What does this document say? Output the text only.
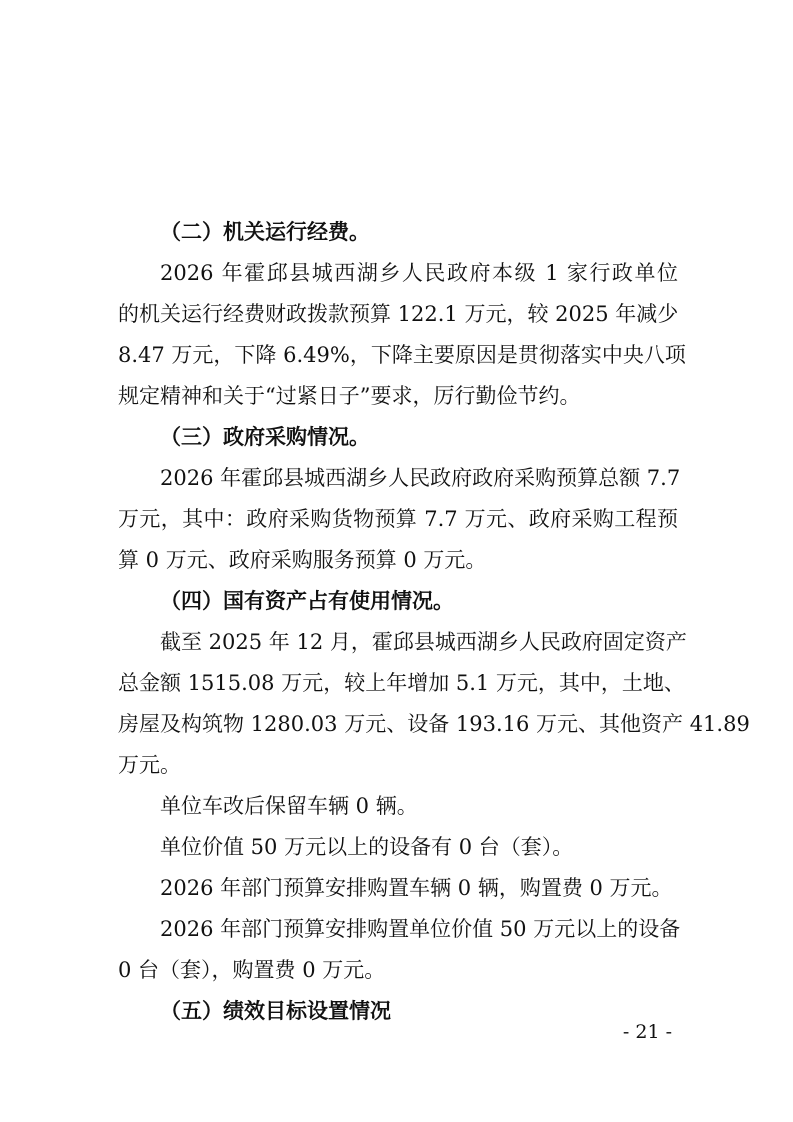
（二）机关运行经费。
2026 年霍邱县城西湖乡人民政府本级 1 家行政单位
的机关运行经费财政拨款预算 122.1 万元，较 2025 年减少
8.47 万元，下降 6.49%，下降主要原因是贯彻落实中央八项
规定精神和关于“过紧日子”要求，厉行勤俭节约。
（三）政府采购情况。
2026 年霍邱县城西湖乡人民政府政府采购预算总额 7.7
万元，其中：政府采购货物预算 7.7 万元、政府采购工程预
算 0 万元、政府采购服务预算 0 万元。
（四）国有资产占有使用情况。
截至 2025 年 12 月，霍邱县城西湖乡人民政府固定资产
总金额 1515.08 万元，较上年增加 5.1 万元，其中，土地、
房屋及构筑物 1280.03 万元、设备 193.16 万元、其他资产 41.89
万元。
单位车改后保留车辆 0 辆。
单位价值 50 万元以上的设备有 0 台（套）。
2026 年部门预算安排购置车辆 0 辆，购置费 0 万元。
2026 年部门预算安排购置单位价值 50 万元以上的设备
0 台（套），购置费 0 万元。
（五）绩效目标设置情况
- 21 -
